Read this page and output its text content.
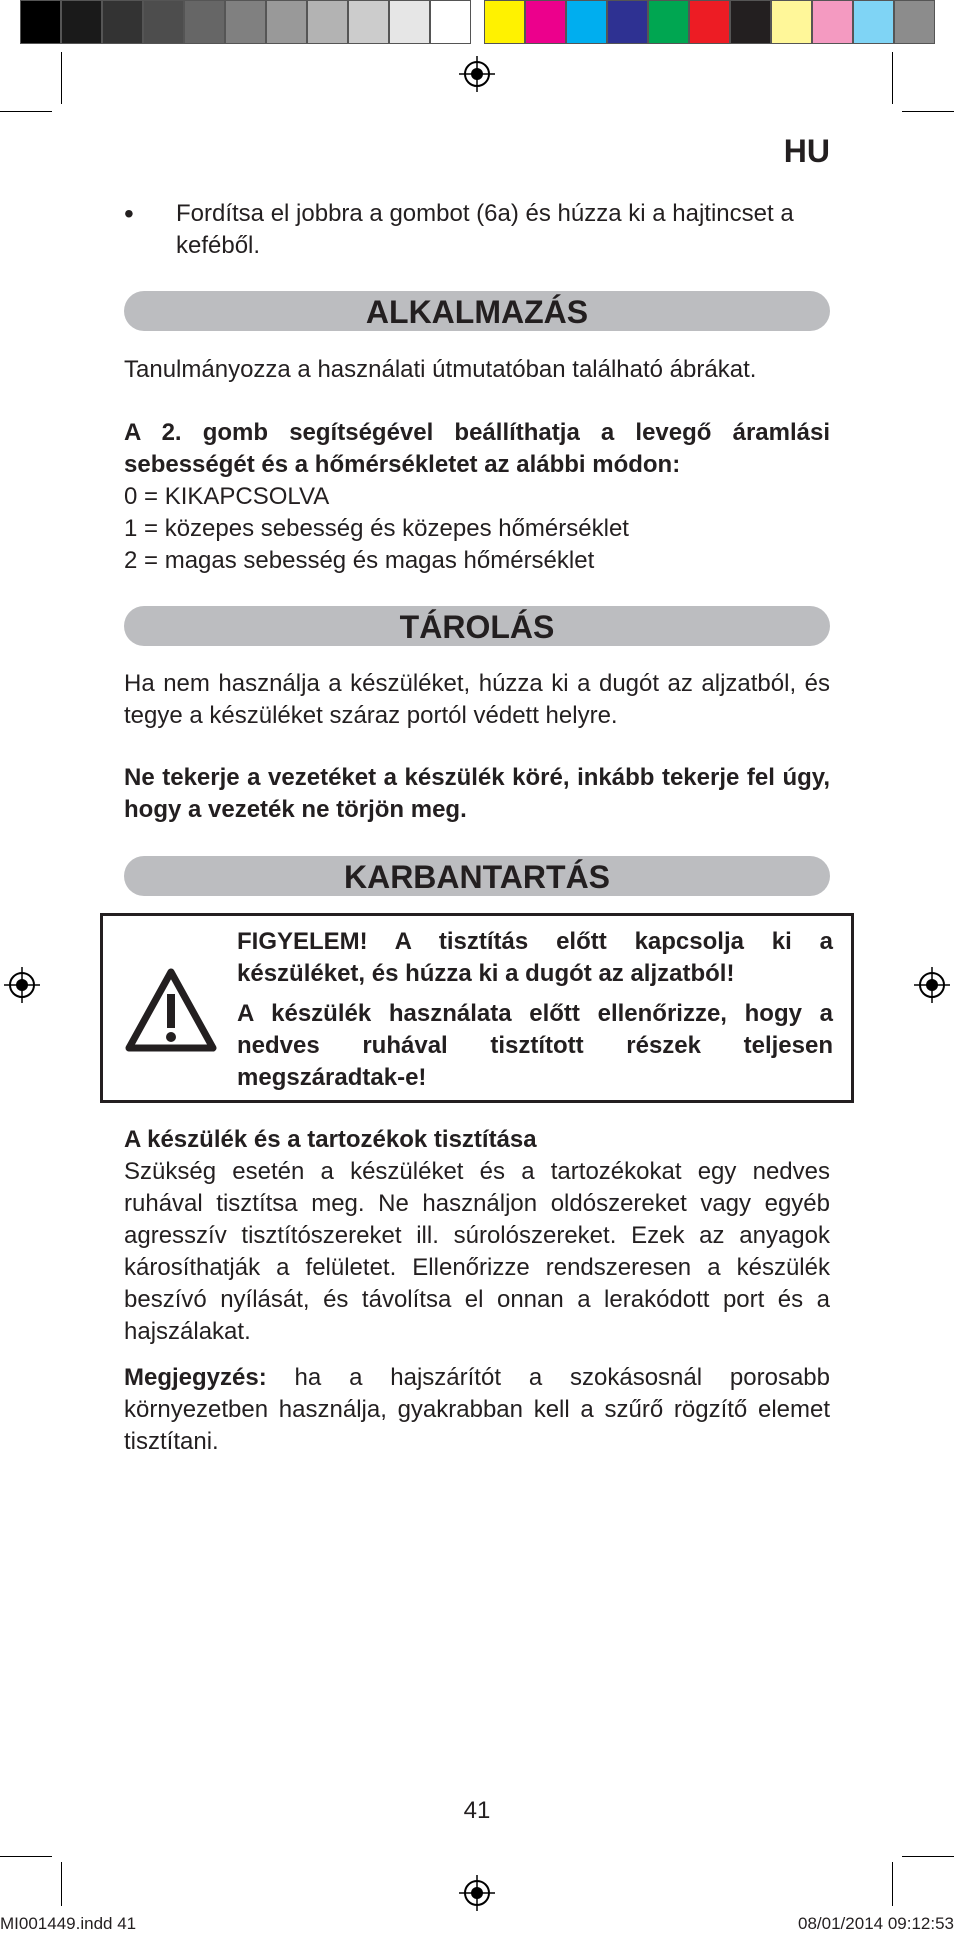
HU
• Fordítsa el jobbra a gombot (6a) és húzza ki a hajtincset a keféből.
ALKALMAZÁS
Tanulmányozza a használati útmutatóban található ábrákat.
A 2. gomb segítségével beállíthatja a levegő áramlási sebességét és a hőmérsékletet az alábbi módon:
0 = KIKAPCSOLVA
1 = közepes sebesség és közepes hőmérséklet
2 = magas sebesség és magas hőmérséklet
TÁROLÁS
Ha nem használja a készüléket, húzza ki a dugót az aljzatból, és tegye a készüléket száraz portól védett helyre.
Ne tekerje a vezetéket a készülék köré, inkább tekerje fel úgy, hogy a vezeték ne törjön meg.
KARBANTARTÁS

FIGYELEM! A tisztítás előtt kapcsolja ki a készüléket, és húzza ki a dugót az aljzatból!

A készülék használata előtt ellenőrizze, hogy a nedves ruhával tisztított részek teljesen megszáradtak-e!

A készülék és a tartozékok tisztítása
Szükség esetén a készüléket és a tartozékokat egy nedves ruhával tisztítsa meg. Ne használjon oldószereket vagy egyéb agresszív tisztítószereket ill. súrolószereket. Ezek az anyagok károsíthatják a felületet. Ellenőrizze rendszeresen a készülék beszívó nyílását, és távolítsa el onnan a lerakódott port és a hajszálakat.
Megjegyzés: ha a hajszárítót a szokásosnál porosabb környezetben használja, gyakrabban kell a szűrő rögzítő elemet tisztítani.
41
MI001449.indd 41	08/01/2014 09:12:53
